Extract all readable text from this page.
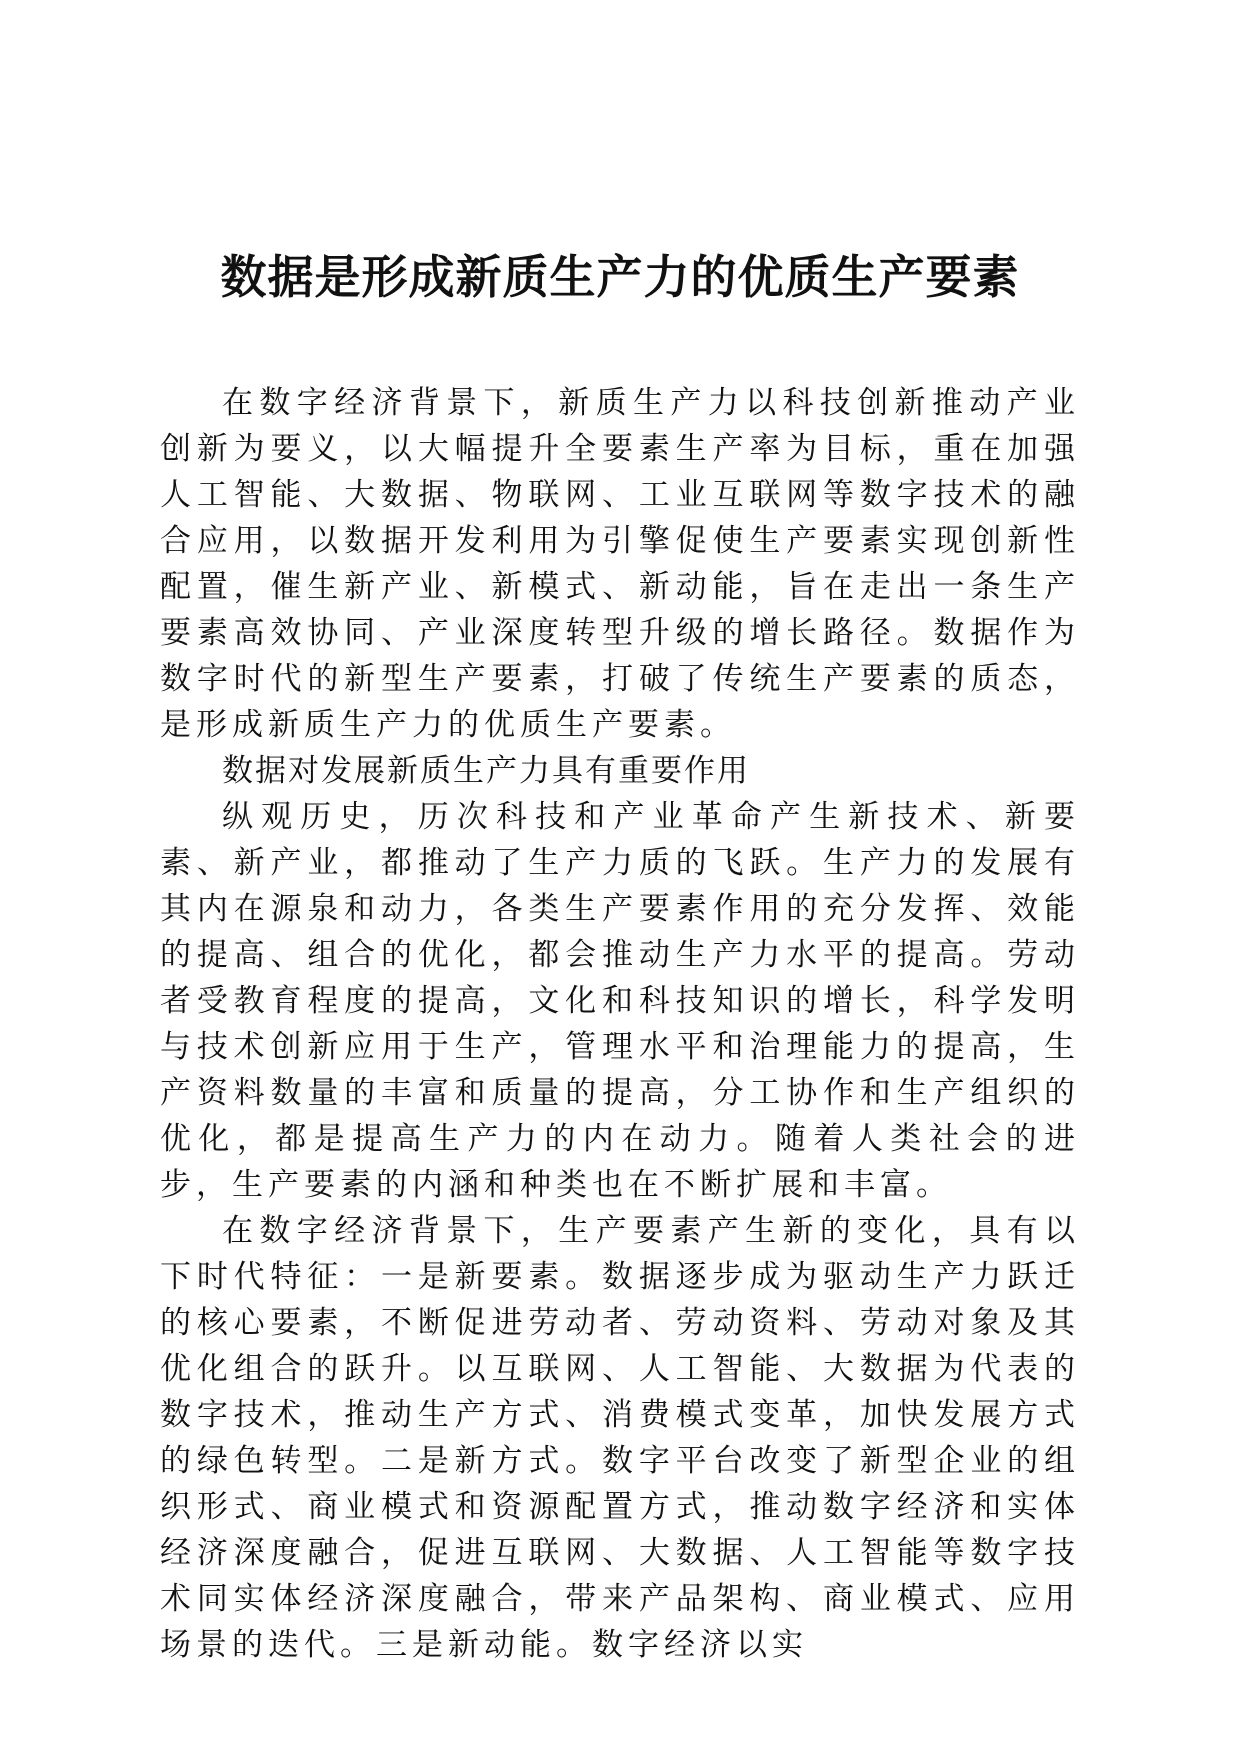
数据是形成新质生产力的优质生产要素

在数字经济背景下，新质生产力以科技创新推动产业创新为要义，以大幅提升全要素生产率为目标，重在加强人工智能、大数据、物联网、工业互联网等数字技术的融合应用，以数据开发利用为引擎促使生产要素实现创新性配置，催生新产业、新模式、新动能，旨在走出一条生产要素高效协同、产业深度转型升级的增长路径。数据作为数字时代的新型生产要素，打破了传统生产要素的质态，是形成新质生产力的优质生产要素。

数据对发展新质生产力具有重要作用

纵观历史，历次科技和产业革命产生新技术、新要素、新产业，都推动了生产力质的飞跃。生产力的发展有其内在源泉和动力，各类生产要素作用的充分发挥、效能的提高、组合的优化，都会推动生产力水平的提高。劳动者受教育程度的提高，文化和科技知识的增长，科学发明与技术创新应用于生产，管理水平和治理能力的提高，生产资料数量的丰富和质量的提高，分工协作和生产组织的优化，都是提高生产力的内在动力。随着人类社会的进步，生产要素的内涵和种类也在不断扩展和丰富。

在数字经济背景下，生产要素产生新的变化，具有以下时代特征：一是新要素。数据逐步成为驱动生产力跃迁的核心要素，不断促进劳动者、劳动资料、劳动对象及其优化组合的跃升。以互联网、人工智能、大数据为代表的数字技术，推动生产方式、消费模式变革，加快发展方式的绿色转型。二是新方式。数字平台改变了新型企业的组织形式、商业模式和资源配置方式，推动数字经济和实体经济深度融合，促进互联网、大数据、人工智能等数字技术同实体经济深度融合，带来产品架构、商业模式、应用场景的迭代。三是新动能。数字经济以实
